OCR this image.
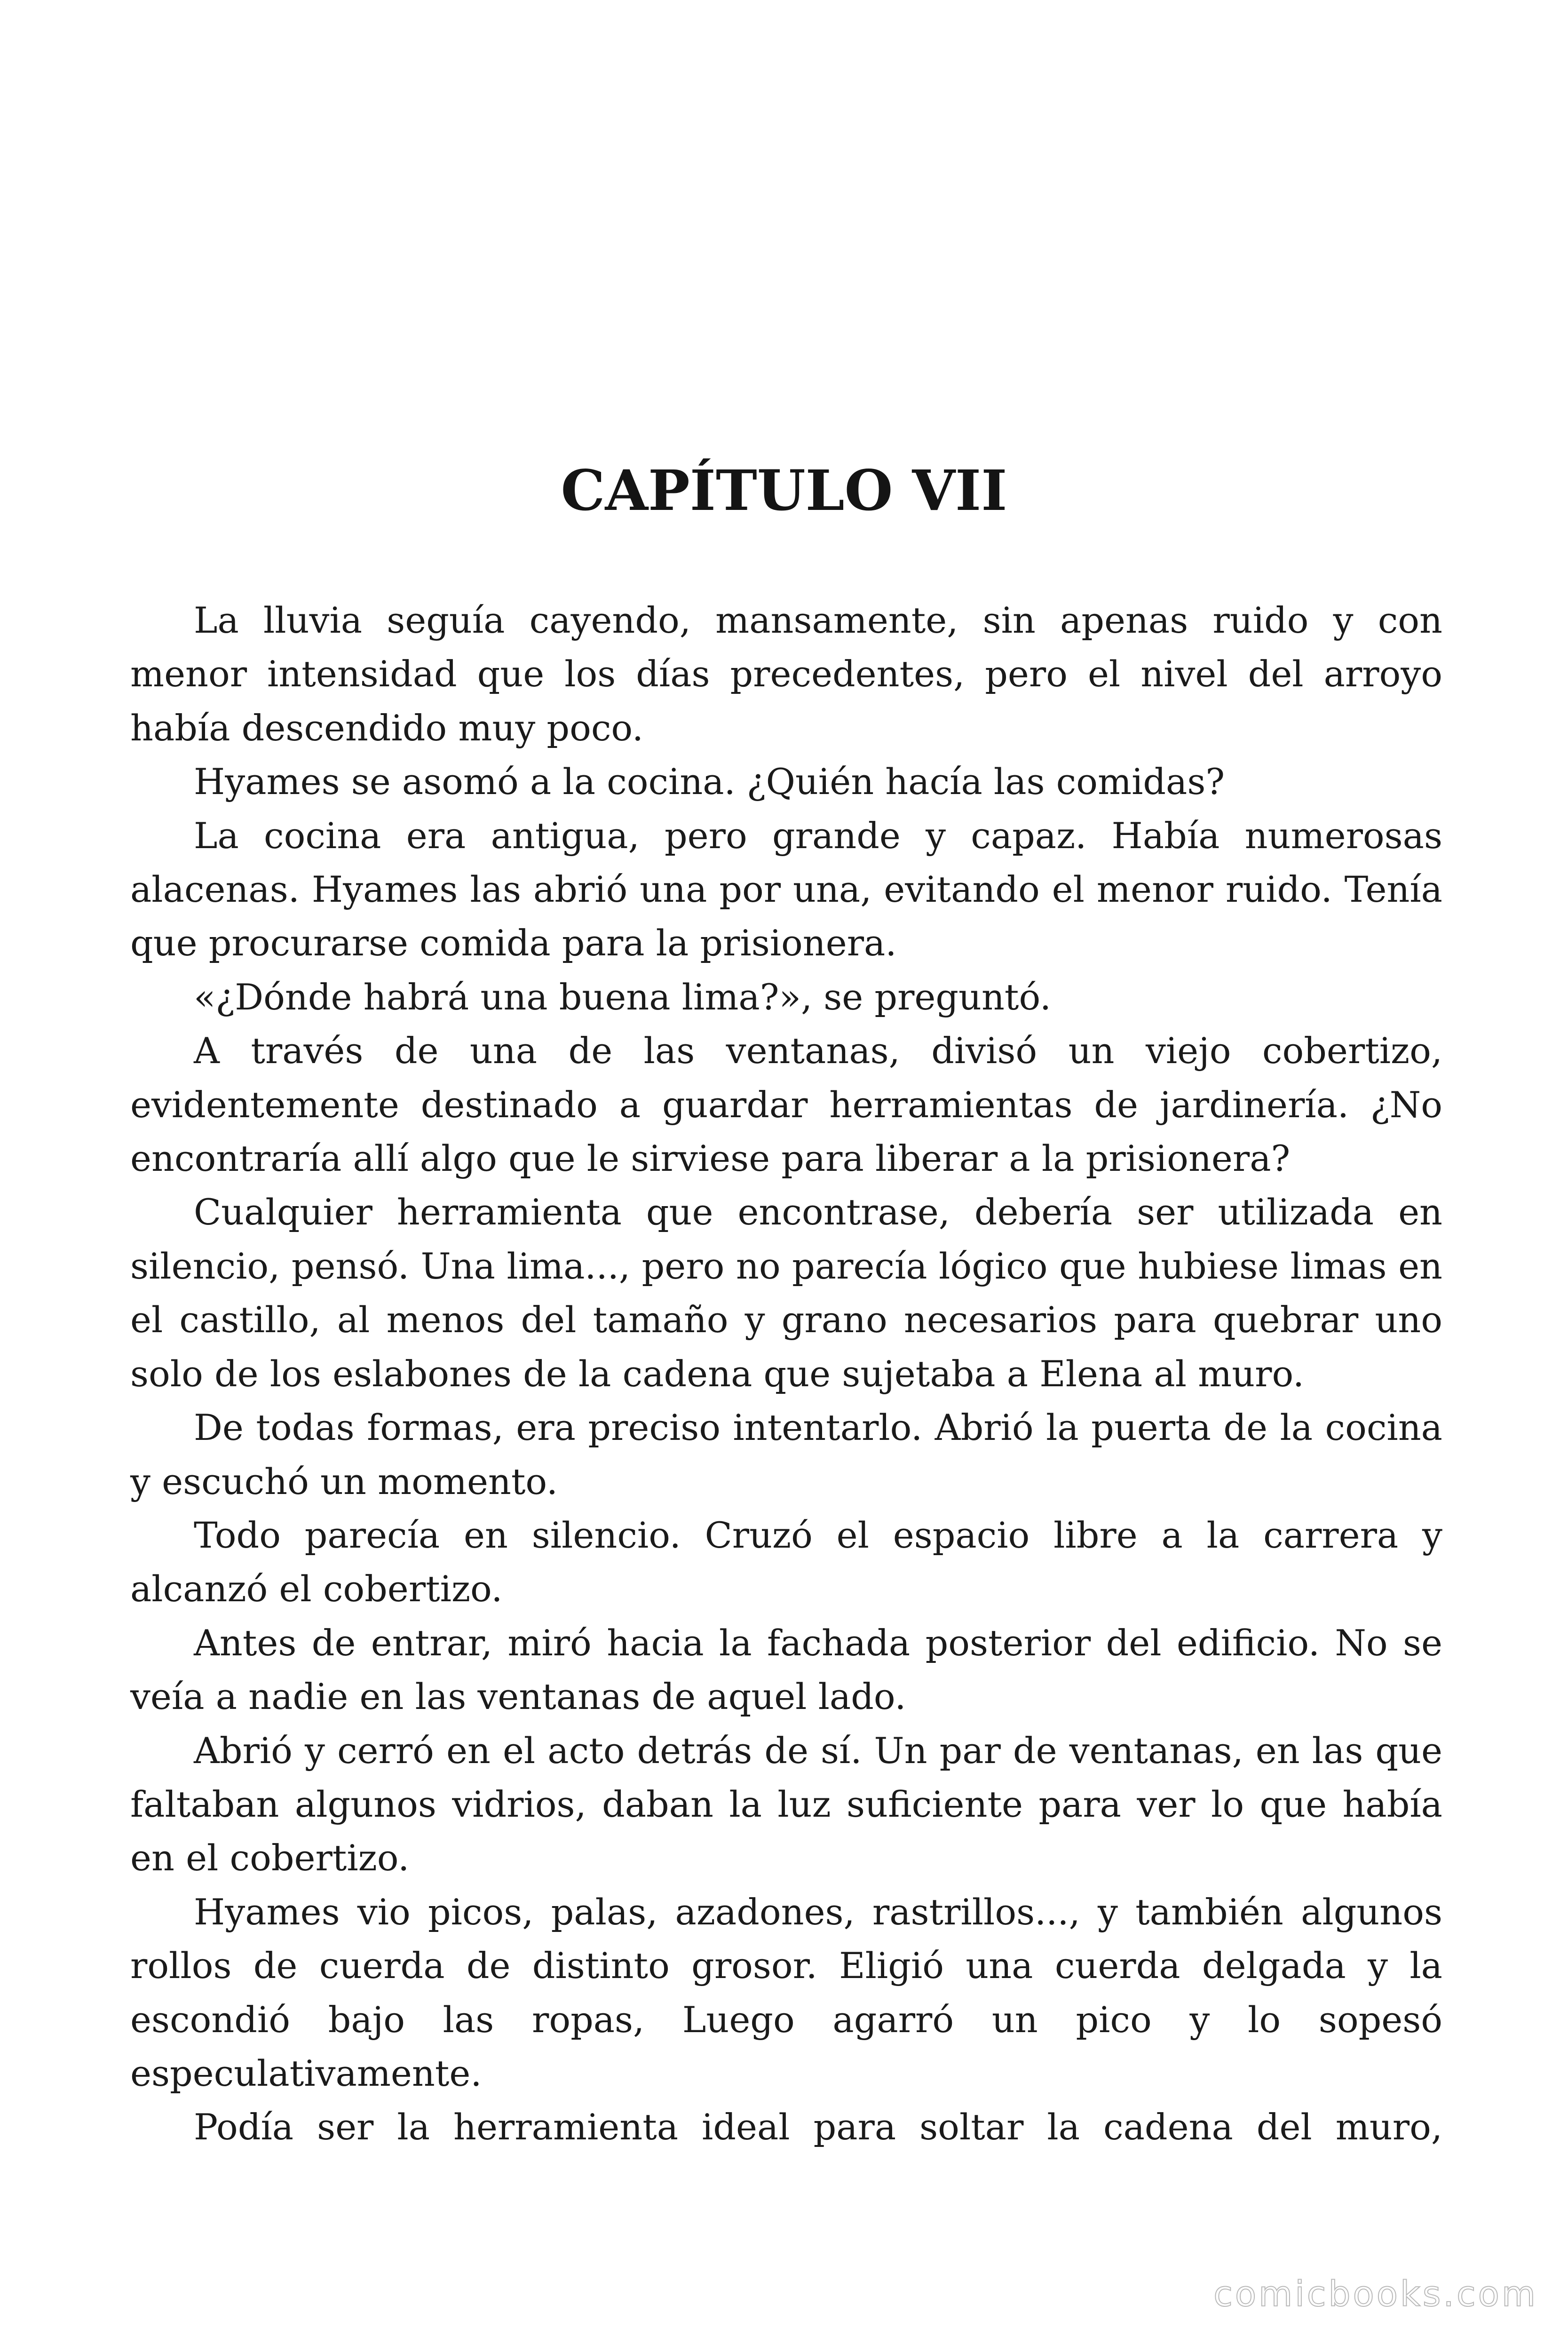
CAPÍTULO VII

La lluvia seguía cayendo, mansamente, sin apenas ruido y con menor intensidad que los días precedentes, pero el nivel del arroyo había descendido muy poco.

Hyames se asomó a la cocina. ¿Quién hacía las comidas?

La cocina era antigua, pero grande y capaz. Había numerosas alacenas. Hyames las abrió una por una, evitando el menor ruido. Tenía que procurarse comida para la prisionera.

«¿Dónde habrá una buena lima?», se preguntó.

A través de una de las ventanas, divisó un viejo cobertizo, evidentemente destinado a guardar herramientas de jardinería. ¿No encontraría allí algo que le sirviese para liberar a la prisionera?

Cualquier herramienta que encontrase, debería ser utilizada en silencio, pensó. Una lima..., pero no parecía lógico que hubiese limas en el castillo, al menos del tamaño y grano necesarios para quebrar uno solo de los eslabones de la cadena que sujetaba a Elena al muro.

De todas formas, era preciso intentarlo. Abrió la puerta de la cocina y escuchó un momento.

Todo parecía en silencio. Cruzó el espacio libre a la carrera y alcanzó el cobertizo.

Antes de entrar, miró hacia la fachada posterior del edificio. No se veía a nadie en las ventanas de aquel lado.

Abrió y cerró en el acto detrás de sí. Un par de ventanas, en las que faltaban algunos vidrios, daban la luz suficiente para ver lo que había en el cobertizo.

Hyames vio picos, palas, azadones, rastrillos..., y también algunos rollos de cuerda de distinto grosor. Eligió una cuerda delgada y la escondió bajo las ropas, Luego agarró un pico y lo sopesó especulativamente.

Podía ser la herramienta ideal para soltar la cadena del muro,

comicbooks.com
